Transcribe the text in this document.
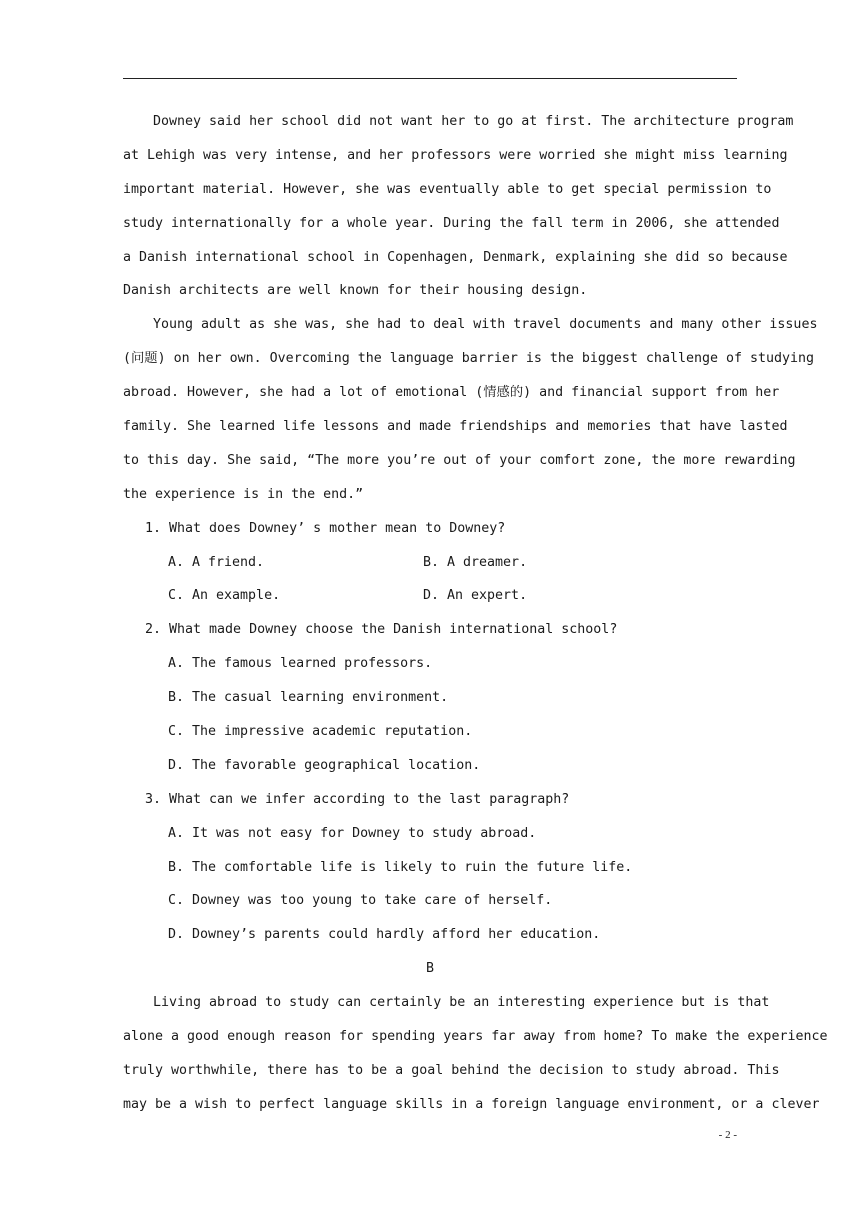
Downey said her school did not want her to go at first. The architecture program
at Lehigh was very intense, and her professors were worried she might miss learning
important material. However, she was eventually able to get special permission to
study internationally for a whole year. During the fall term in 2006, she attended
a Danish international school in Copenhagen, Denmark, explaining she did so because
Danish architects are well known for their housing design.
Young adult as she was, she had to deal with travel documents and many other issues
(问题) on her own. Overcoming the language barrier is the biggest challenge of studying
abroad. However, she had a lot of emotional (情感的) and financial support from her
family. She learned life lessons and made friendships and memories that have lasted
to this day. She said, “The more you’re out of your comfort zone, the more rewarding
the experience is in the end.”
1. What does Downey’ s mother mean to Downey?
A. A friend.	B. A dreamer.
C. An example.	D. An expert.
2. What made Downey choose the Danish international school?
A. The famous learned professors.
B. The casual learning environment.
C. The impressive academic reputation.
D. The favorable geographical location.
3. What can we infer according to the last paragraph?
A. It was not easy for Downey to study abroad.
B. The comfortable life is likely to ruin the future life.
C. Downey was too young to take care of herself.
D. Downey’s parents could hardly afford her education.
B
Living abroad to study can certainly be an interesting experience but is that
alone a good enough reason for spending years far away from home? To make the experience
truly worthwhile, there has to be a goal behind the decision to study abroad. This
may be a wish to perfect language skills in a foreign language environment, or a clever
- 2 -
